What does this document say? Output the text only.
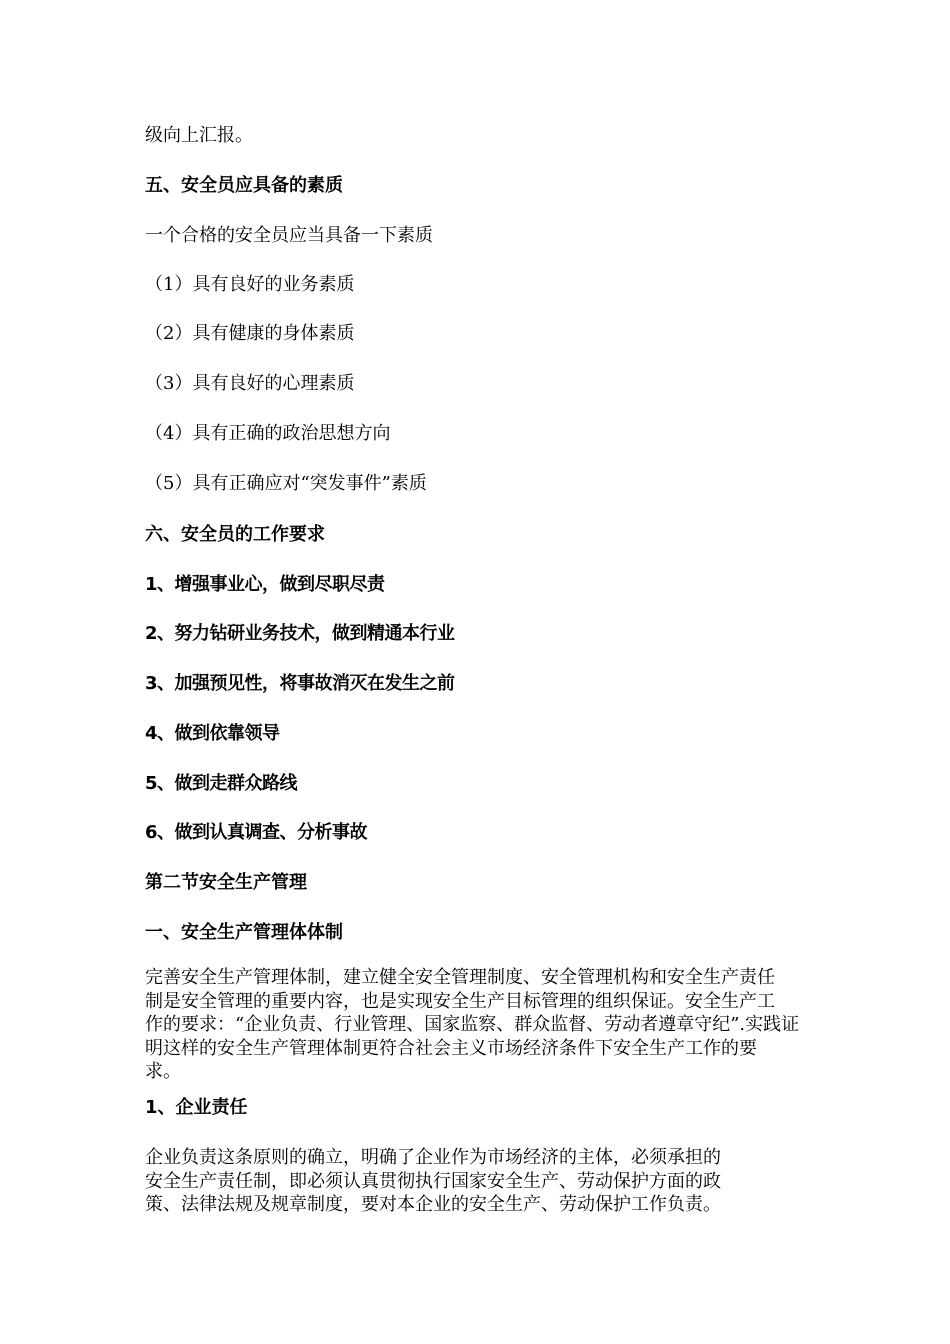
级向上汇报。
五、安全员应具备的素质
一个合格的安全员应当具备一下素质
（1）具有良好的业务素质
（2）具有健康的身体素质
（3）具有良好的心理素质
（4）具有正确的政治思想方向
（5）具有正确应对“突发事件”素质
六、安全员的工作要求
1、增强事业心，做到尽职尽责
2、努力钻研业务技术，做到精通本行业
3、加强预见性，将事故消灭在发生之前
4、做到依靠领导
5、做到走群众路线
6、做到认真调查、分析事故
第二节安全生产管理
一、安全生产管理体体制
完善安全生产管理体制，建立健全安全管理制度、安全管理机构和安全生产责任
制是安全管理的重要内容，也是实现安全生产目标管理的组织保证。安全生产工
作的要求：“企业负责、行业管理、国家监察、群众监督、劳动者遵章守纪”.实践证
明这样的安全生产管理体制更符合社会主义市场经济条件下安全生产工作的要
求。
1、企业责任
企业负责这条原则的确立，明确了企业作为市场经济的主体，必须承担的
安全生产责任制，即必须认真贯彻执行国家安全生产、劳动保护方面的政
策、法律法规及规章制度，要对本企业的安全生产、劳动保护工作负责。
